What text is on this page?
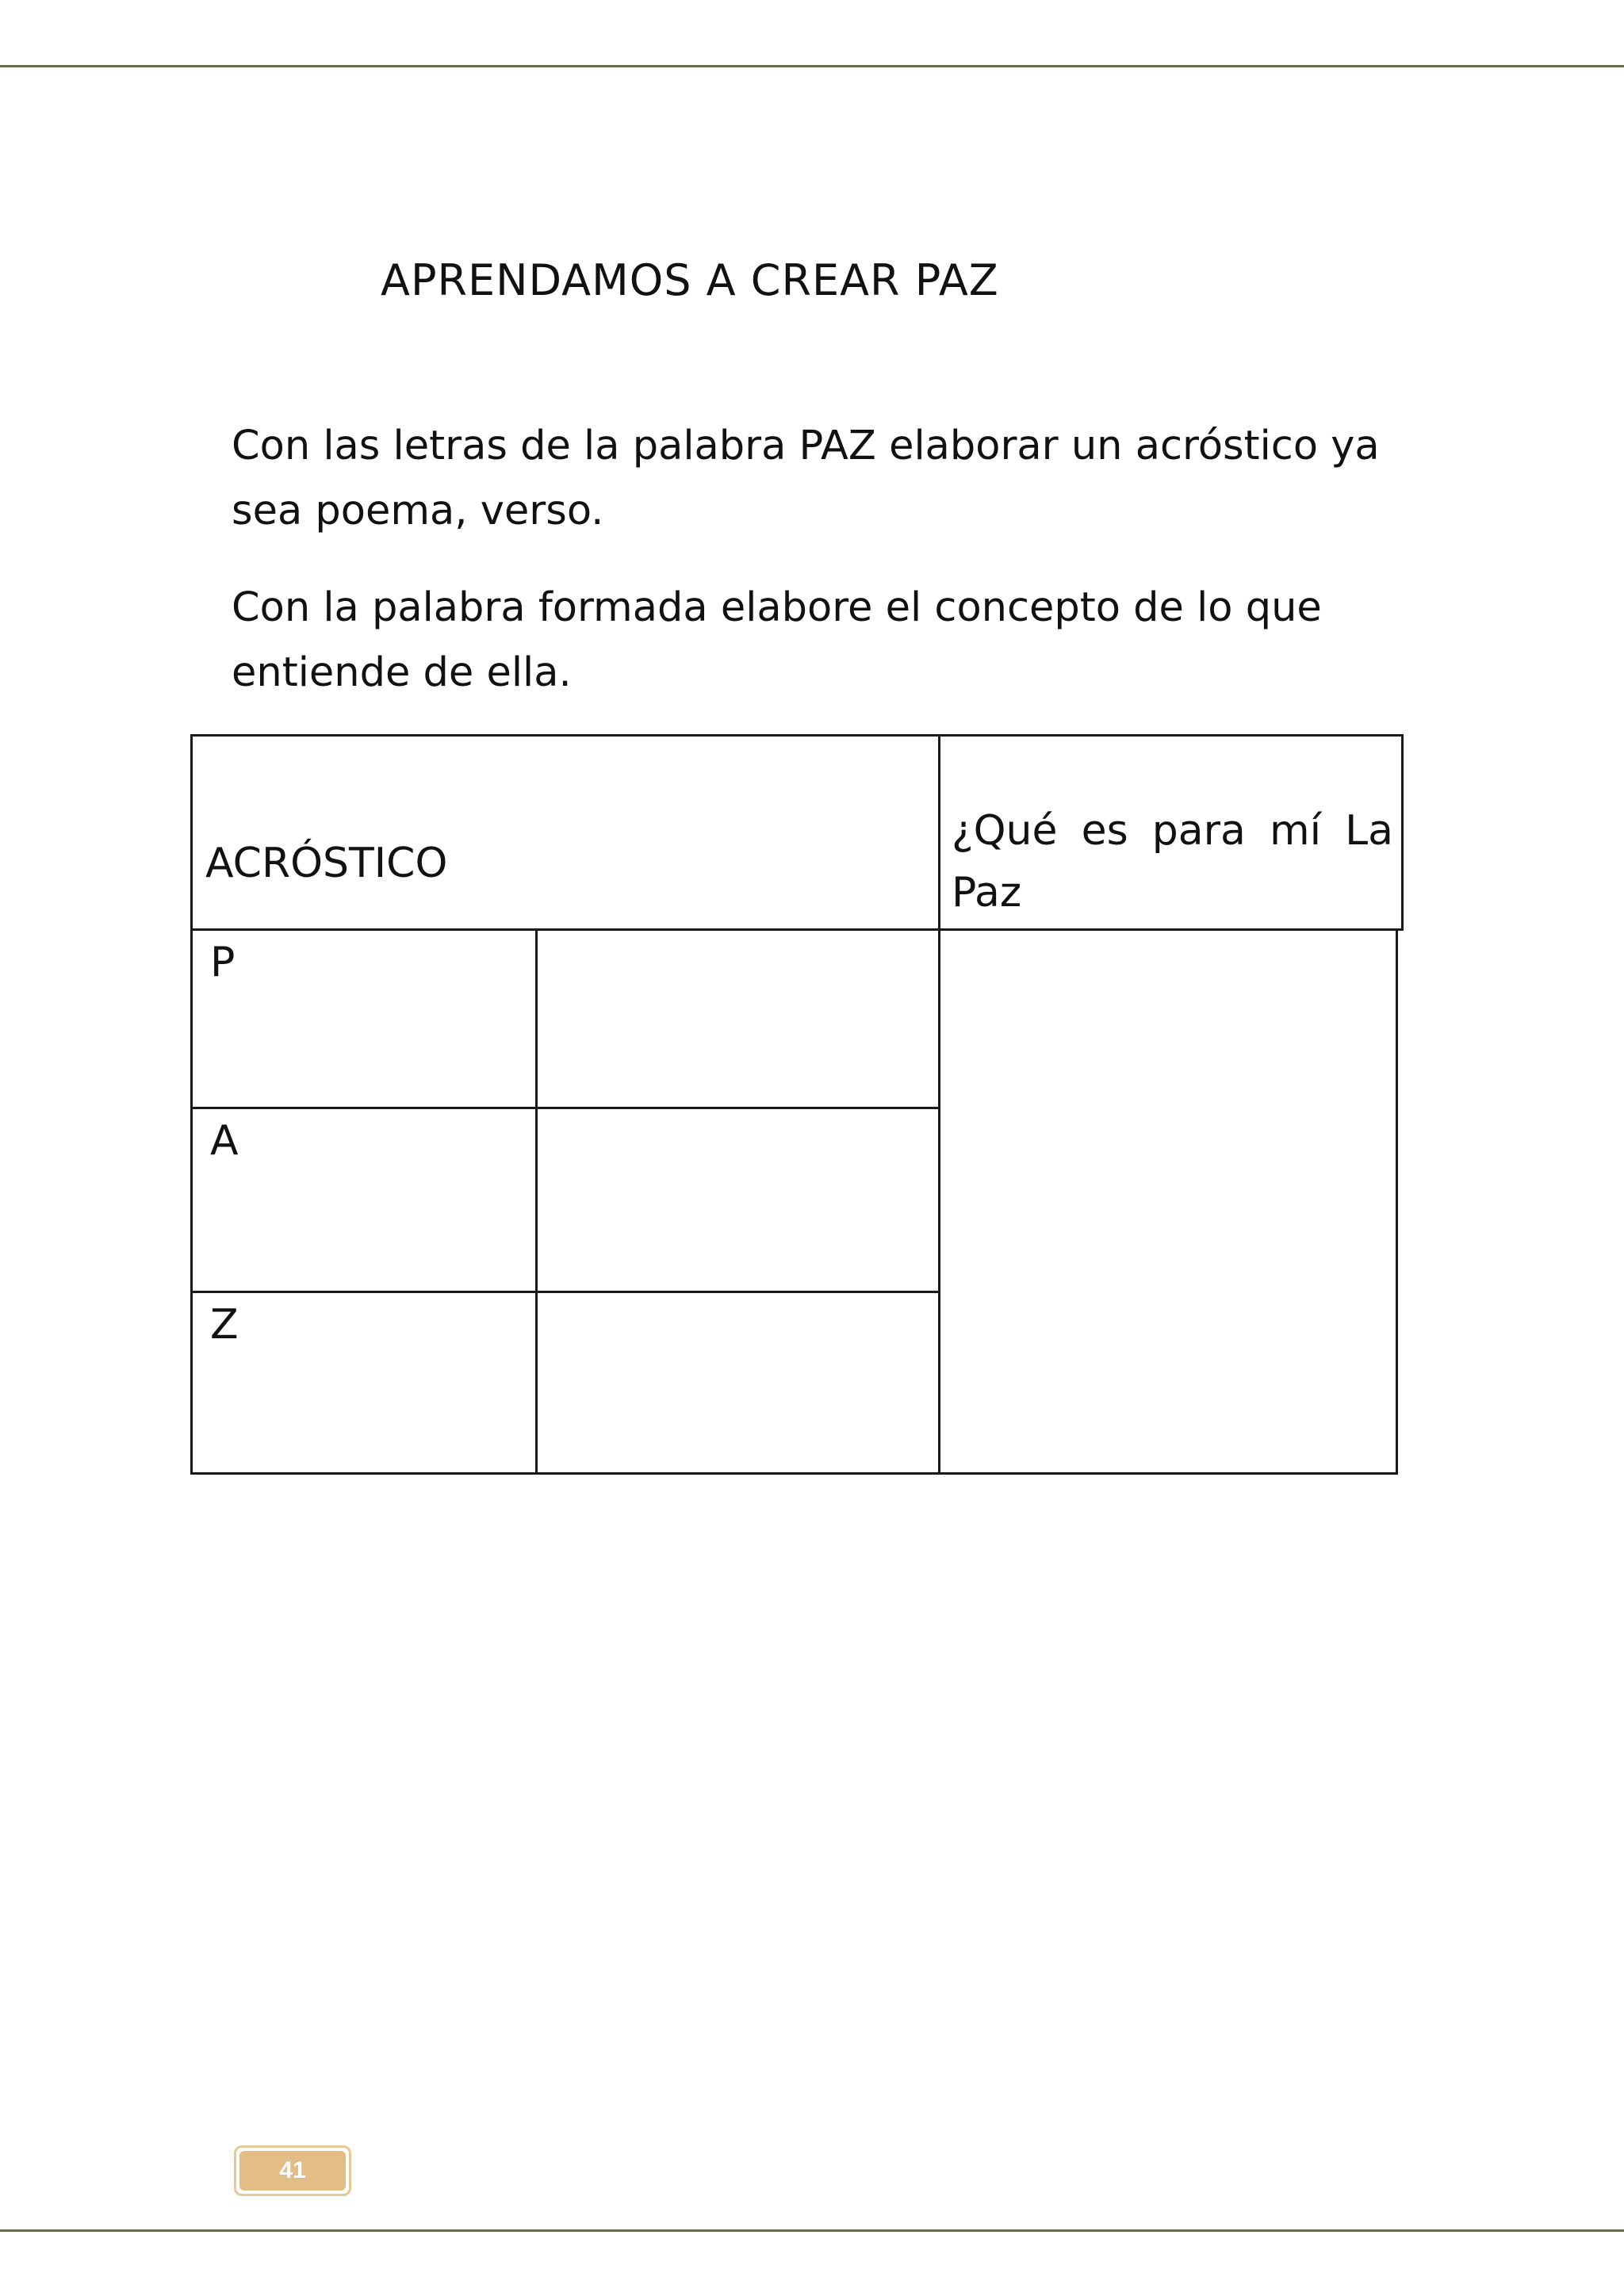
APRENDAMOS A CREAR PAZ

Con las letras de la palabra PAZ elaborar un acróstico ya sea poema, verso.

Con la palabra formada elabore el concepto de lo que entiende de ella.

ACRÓSTICO
¿Qué es para mí La Paz
P
A
Z
41
